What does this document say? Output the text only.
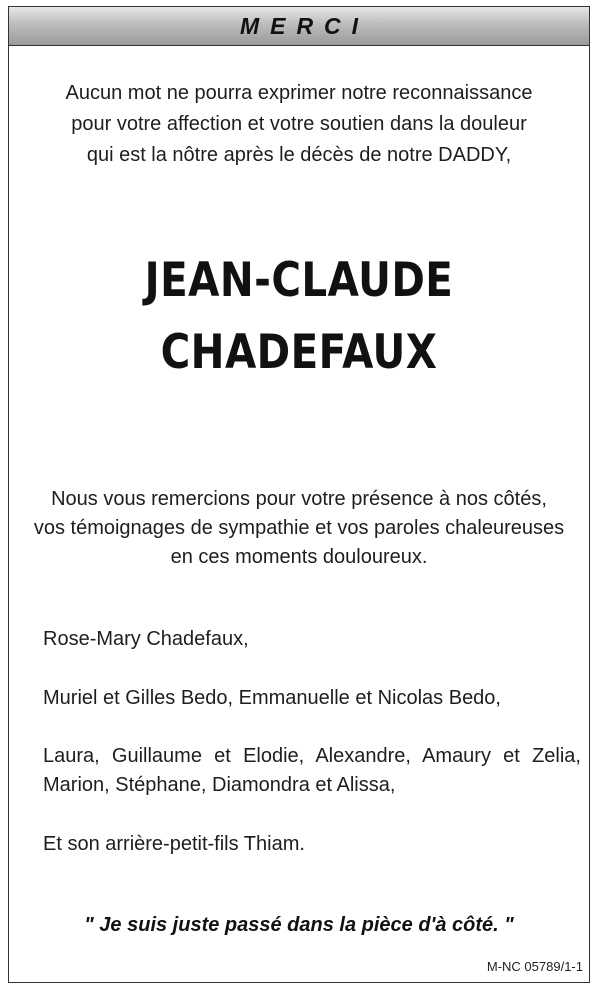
MERCI
Aucun mot ne pourra exprimer notre reconnaissance
pour votre affection et votre soutien dans la douleur
qui est la nôtre après le décès de notre DADDY,
JEAN-CLAUDE
CHADEFAUX
Nous vous remercions pour votre présence à nos côtés,
vos témoignages de sympathie et vos paroles chaleureuses
en ces moments douloureux.

Rose-Mary Chadefaux,

Muriel et Gilles Bedo, Emmanuelle et Nicolas Bedo,

Laura, Guillaume et Elodie, Alexandre, Amaury et Zelia,

Marion, Stéphane, Diamondra et Alissa,

Et son arrière-petit-fils Thiam.

" Je suis juste passé dans la pièce d'à côté. "
M-NC 05789/1-1
